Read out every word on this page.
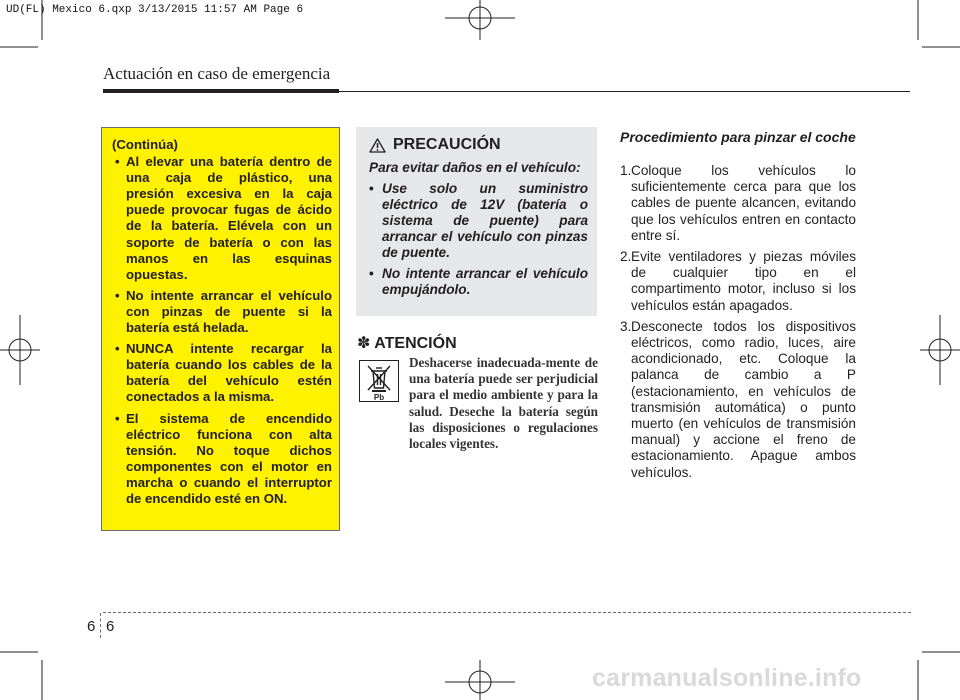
UD(FL) Mexico 6.qxp 3/13/2015 11:57 AM Page 6
Actuación en caso de emergencia
(Continúa)
• Al elevar una batería dentro de una caja de plástico, una presión excesiva en la caja puede provocar fugas de ácido de la batería. Elévela con un soporte de batería o con las manos en las esquinas opuestas.
• No intente arrancar el vehículo con pinzas de puente si la batería está helada.
• NUNCA intente recargar la batería cuando los cables de la batería del vehículo estén conectados a la misma.
• El sistema de encendido eléctrico funciona con alta tensión. No toque dichos componentes con el motor en marcha o cuando el interruptor de encendido esté en ON.
PRECAUCIÓN
Para evitar daños en el vehículo:
• Use solo un suministro eléctrico de 12V (batería o sistema de puente) para arrancar el vehículo con pinzas de puente.
• No intente arrancar el vehículo empujándolo.
✽ ATENCIÓN
Pb
Deshacerse inadecuada-mente de una batería puede ser perjudicial para el medio ambiente y para la salud. Deseche la batería según las disposiciones o regulaciones locales vigentes.
Procedimiento para pinzar el coche
1. Coloque los vehículos lo suficientemente cerca para que los cables de puente alcancen, evitando que los vehículos entren en contacto entre sí.
2. Evite ventiladores y piezas móviles de cualquier tipo en el compartimento motor, incluso si los vehículos están apagados.
3. Desconecte todos los dispositivos eléctricos, como radio, luces, aire acondicionado, etc. Coloque la palanca de cambio a P (estacionamiento, en vehículos de transmisión automática) o punto muerto (en vehículos de transmisión manual) y accione el freno de estacionamiento. Apague ambos vehículos.
6 6
carmanualsonline.info
